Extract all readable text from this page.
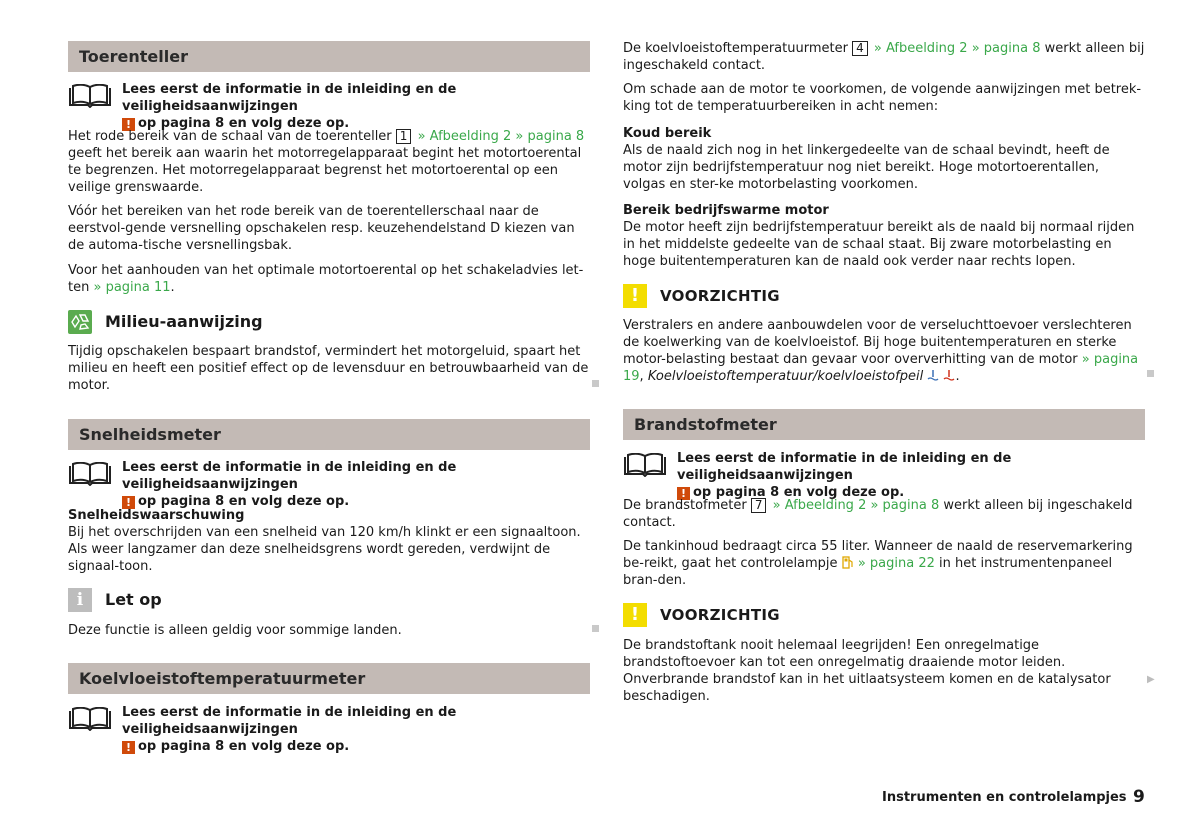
Toerenteller
Lees eerst de informatie in de inleiding en de veiligheidsaanwijzingen
! op pagina 8 en volg deze op.

Het rode bereik van de schaal van de toerenteller 1 » Afbeelding 2 » pagina 8 geeft het bereik aan waarin het motorregelapparaat begint het motortoerental te begrenzen. Het motorregelapparaat begrenst het motortoerental op een veilige grenswaarde.

Vóór het bereiken van het rode bereik van de toerentellerschaal naar de eerstvol-gende versnelling opschakelen resp. keuzehendelstand D kiezen van de automa-tische versnellingsbak.

Voor het aanhouden van het optimale motortoerental op het schakeladvies let-ten » pagina 11.

Milieu-aanwijzing

Tijdig opschakelen bespaart brandstof, vermindert het motorgeluid, spaart het milieu en heeft een positief effect op de levensduur en betrouwbaarheid van de motor.

Snelheidsmeter
Lees eerst de informatie in de inleiding en de veiligheidsaanwijzingen
! op pagina 8 en volg deze op.

Snelheidswaarschuwing

Bij het overschrijden van een snelheid van 120 km/h klinkt er een signaaltoon. Als weer langzamer dan deze snelheidsgrens wordt gereden, verdwijnt de signaal-toon.

i	Let op

Deze functie is alleen geldig voor sommige landen.

Koelvloeistoftemperatuurmeter
Lees eerst de informatie in de inleiding en de veiligheidsaanwijzingen
! op pagina 8 en volg deze op.

De koelvloeistoftemperatuurmeter 4 » Afbeelding 2 » pagina 8 werkt alleen bij ingeschakeld contact.

Om schade aan de motor te voorkomen, de volgende aanwijzingen met betrek-king tot de temperatuurbereiken in acht nemen:

Koud bereik

Als de naald zich nog in het linkergedeelte van de schaal bevindt, heeft de motor zijn bedrijfstemperatuur nog niet bereikt. Hoge motortoerentallen, volgas en ster-ke motorbelasting voorkomen.

Bereik bedrijfswarme motor

De motor heeft zijn bedrijfstemperatuur bereikt als de naald bij normaal rijden in het middelste gedeelte van de schaal staat. Bij zware motorbelasting en hoge buitentemperaturen kan de naald ook verder naar rechts lopen.

!	VOORZICHTIG

Verstralers en andere aanbouwdelen voor de verseluchttoevoer verslechteren de koelwerking van de koelvloeistof. Bij hoge buitentemperaturen en sterke motor-belasting bestaat dan gevaar voor oververhitting van de motor » pagina 19, Koelvloeistoftemperatuur/koelvloeistofpeil .

Brandstofmeter
Lees eerst de informatie in de inleiding en de veiligheidsaanwijzingen
! op pagina 8 en volg deze op.

De brandstofmeter 7 » Afbeelding 2 » pagina 8 werkt alleen bij ingeschakeld contact.

De tankinhoud bedraagt circa 55 liter. Wanneer de naald de reservemarkering be-reikt, gaat het controlelampje » pagina 22 in het instrumentenpaneel bran-den.

!	VOORZICHTIG

De brandstoftank nooit helemaal leegrijden! Een onregelmatige brandstoftoevoer kan tot een onregelmatig draaiende motor leiden. Onverbrande brandstof kan in het uitlaatsysteem komen en de katalysator beschadigen.

▶
Instrumenten en controlelampjes 9
